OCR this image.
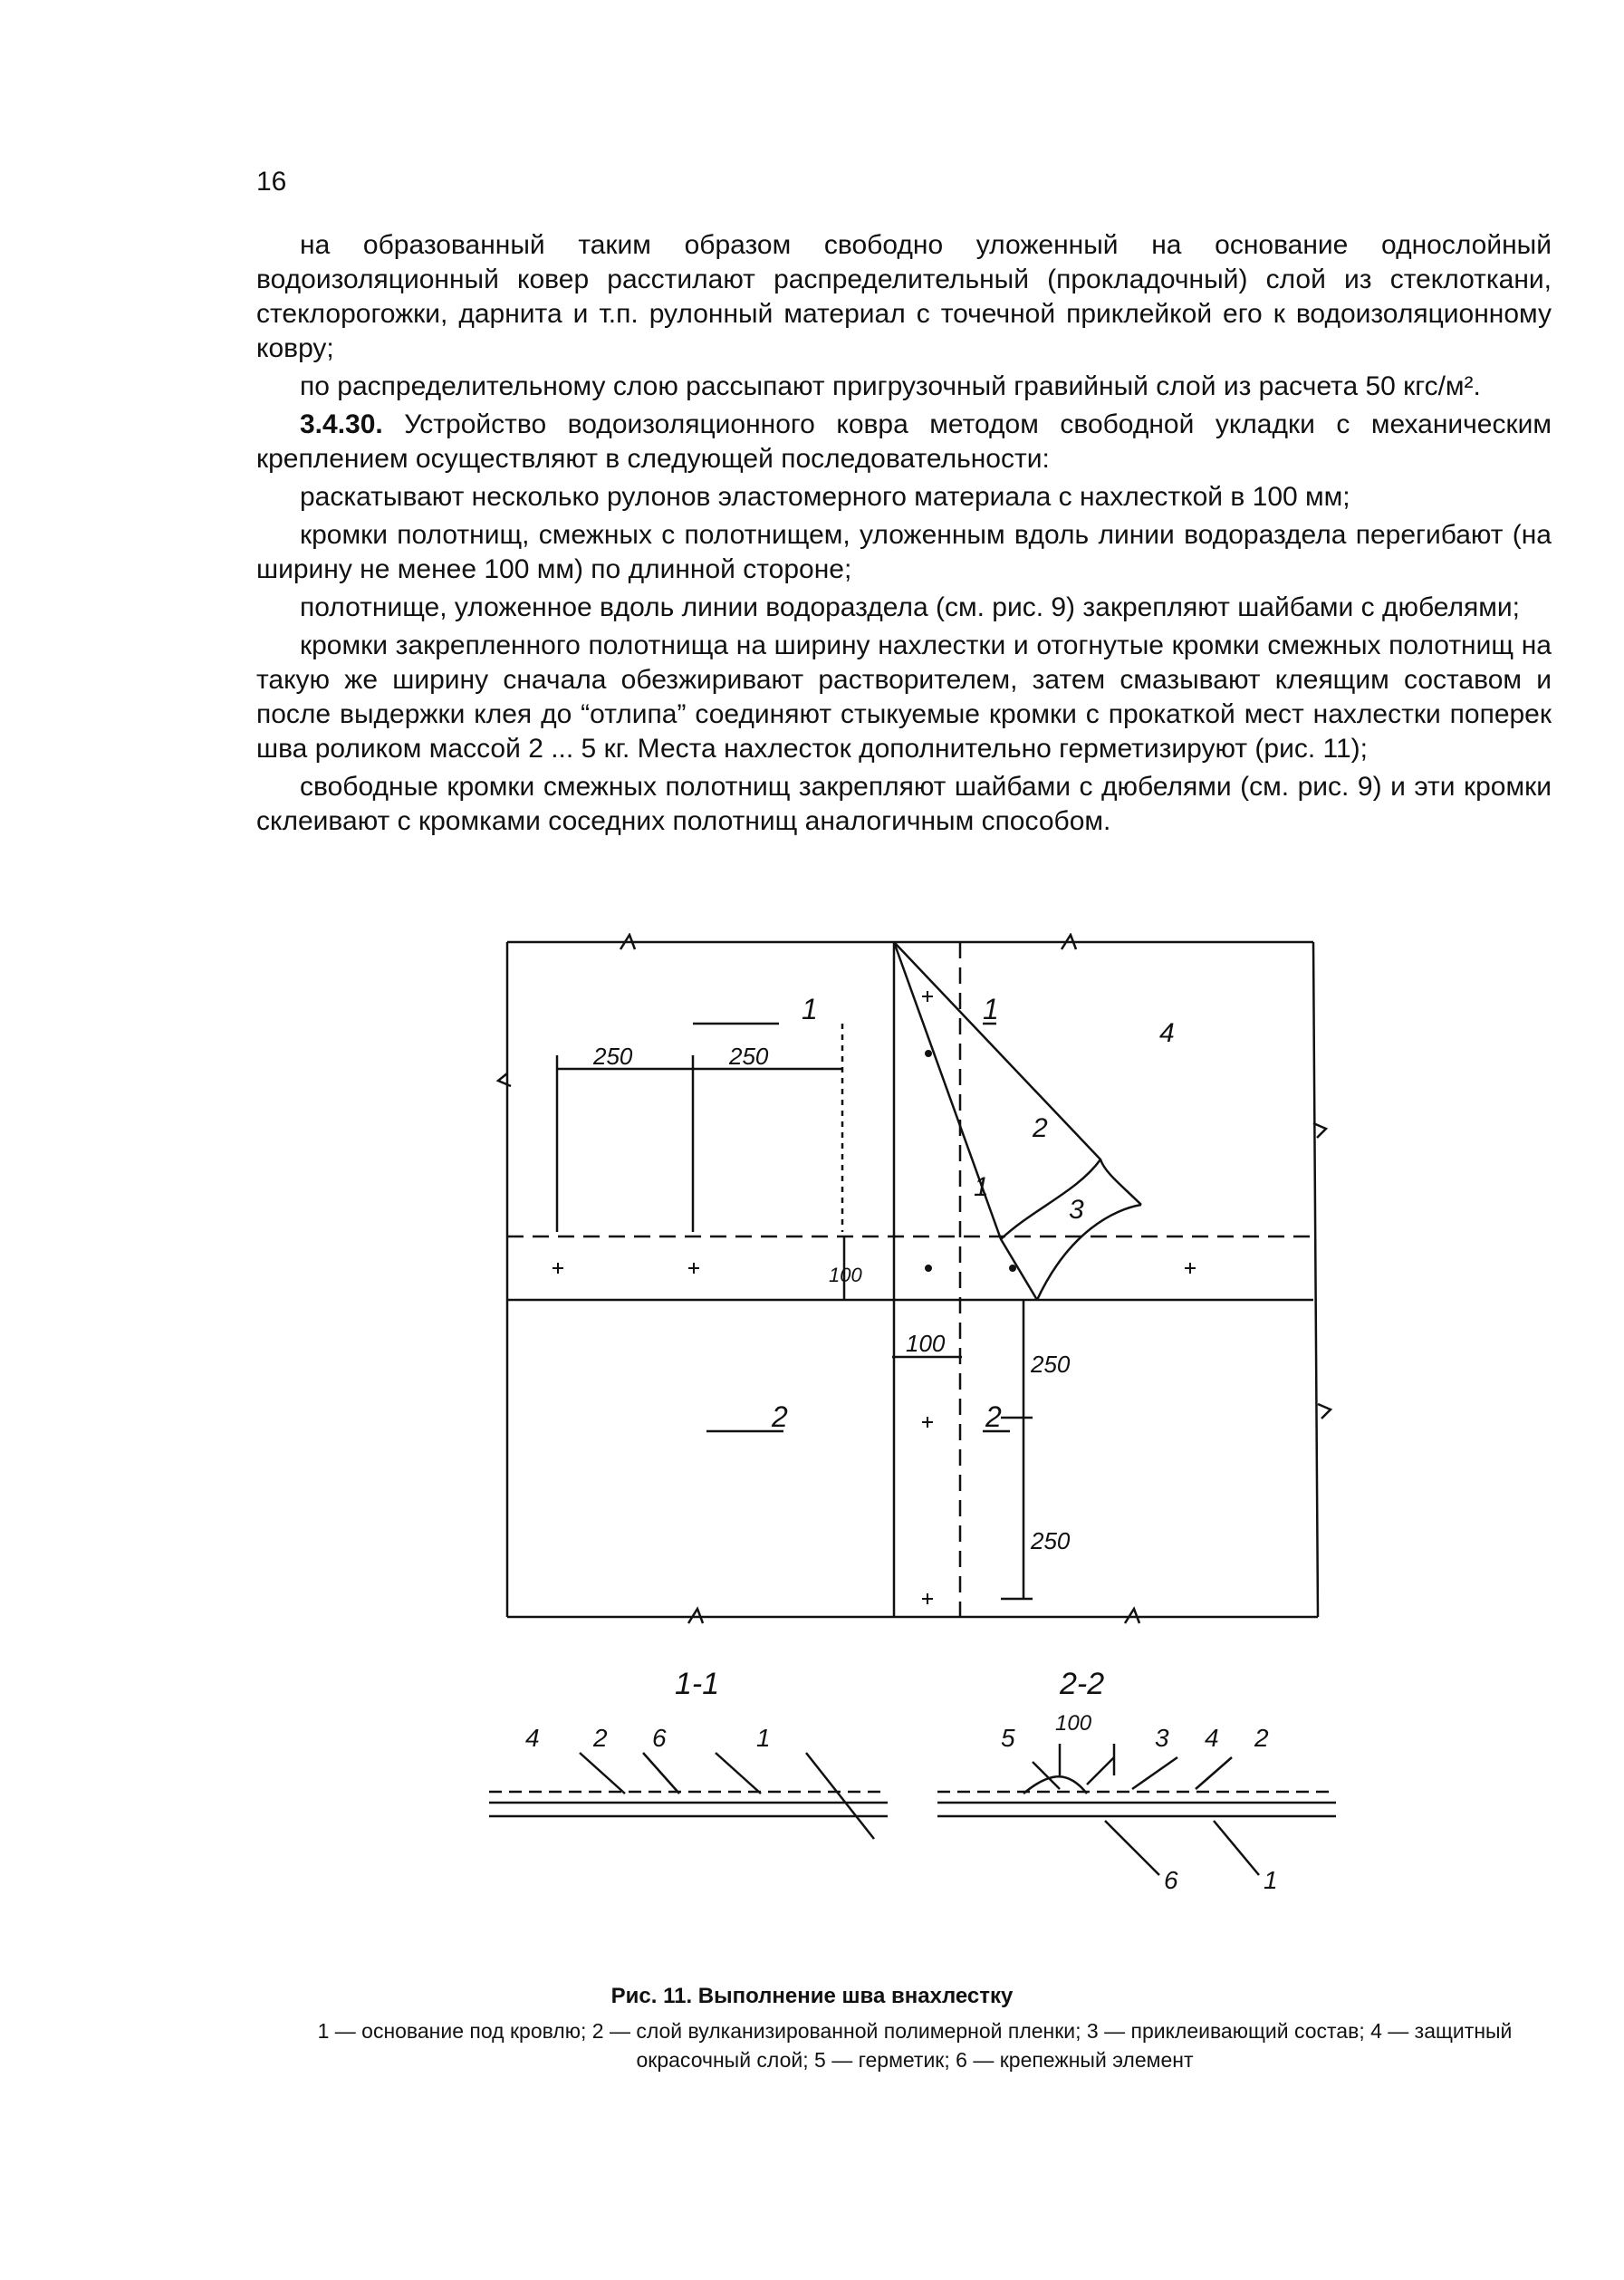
16

на образованный таким образом свободно уложенный на основание однослойный водоизоляционный ковер расстилают распределительный (прокладочный) слой из стеклоткани, стеклорогожки, дарнита и т.п. рулонный материал с точечной приклейкой его к водоизоляционному ковру;

по распределительному слою рассыпают пригрузочный гравийный слой из расчета 50 кгс/м².

3.4.30. Устройство водоизоляционного ковра методом свободной укладки с механическим креплением осуществляют в следующей последовательности:

раскатывают несколько рулонов эластомерного материала с нахлесткой в 100 мм;

кромки полотнищ, смежных с полотнищем, уложенным вдоль линии водораздела перегибают (на ширину не менее 100 мм) по длинной стороне;

полотнище, уложенное вдоль линии водораздела (см. рис. 9) закрепляют шайбами с дюбелями;

кромки закрепленного полотнища на ширину нахлестки и отогнутые кромки смежных полотнищ на такую же ширину сначала обезжиривают растворителем, затем смазывают клеящим составом и после выдержки клея до “отлипа” соединяют стыкуемые кромки с прокаткой мест нахлестки поперек шва роликом массой 2 ... 5 кг. Места нахлесток дополнительно герметизируют (рис. 11);

свободные кромки смежных полотнищ закрепляют шайбами с дюбелями (см. рис. 9) и эти кромки склеивают с кромками соседних полотнищ аналогичным способом.

250	250
100
100
250
250
1
2
3
4
1	1
2	2
1-1	2-2
4 2 6	1	5	3 4 2
6	1
100
Рис. 11. Выполнение шва внахлестку
1 — основание под кровлю; 2 — слой вулканизированной полимерной пленки; 3 — приклеивающий состав; 4 — защитный окрасочный слой; 5 — герметик; 6 — крепежный элемент
